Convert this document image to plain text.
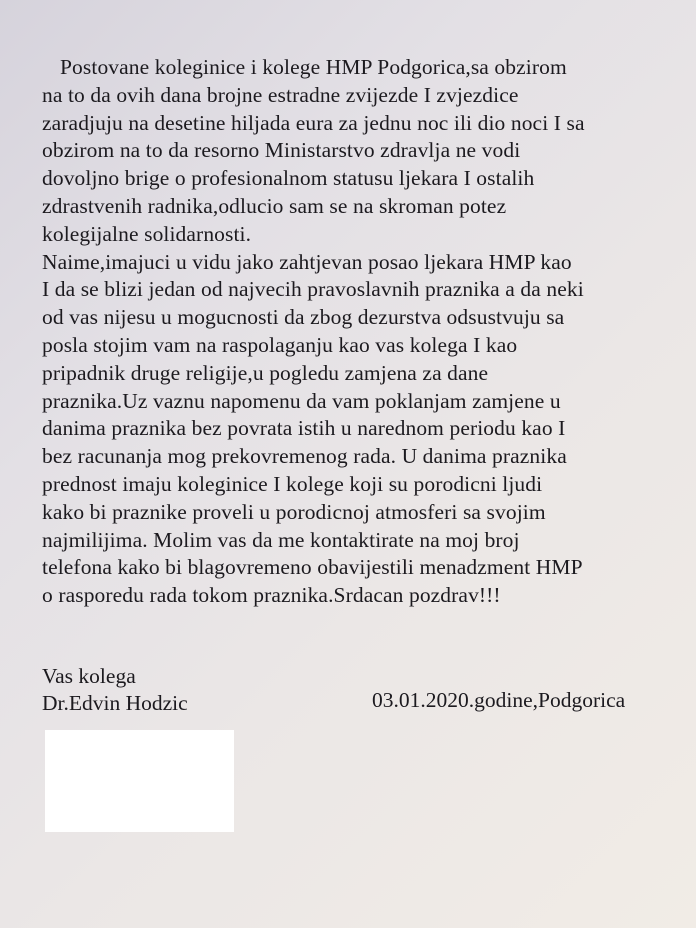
Postovane koleginice i kolege HMP Podgorica,sa obzirom
na to da ovih dana brojne estradne zvijezde I zvjezdice
zaradjuju na desetine hiljada eura za jednu noc ili dio noci I sa
obzirom na to da resorno Ministarstvo zdravlja ne vodi
dovoljno brige o profesionalnom statusu ljekara I ostalih
zdrastvenih radnika,odlucio sam se na skroman potez
kolegijalne solidarnosti.
Naime,imajuci u vidu jako zahtjevan posao ljekara HMP kao
I da se blizi jedan od najvecih pravoslavnih praznika a da neki
od vas nijesu u mogucnosti da zbog dezurstva odsustvuju sa
posla stojim vam na raspolaganju kao vas kolega I kao
pripadnik druge religije,u pogledu zamjena za dane
praznika.Uz vaznu napomenu da vam poklanjam zamjene u
danima praznika bez povrata istih u narednom periodu kao I
bez racunanja mog prekovremenog rada. U danima praznika
prednost imaju koleginice I kolege koji su porodicni ljudi
kako bi praznike proveli u porodicnoj atmosferi sa svojim
najmilijima. Molim vas da me kontaktirate na moj broj
telefona kako bi blagovremeno obavijestili menadzment HMP
o rasporedu rada tokom praznika.Srdacan pozdrav!!!
Vas kolega
Dr.Edvin Hodzic	03.01.2020.godine,Podgorica
